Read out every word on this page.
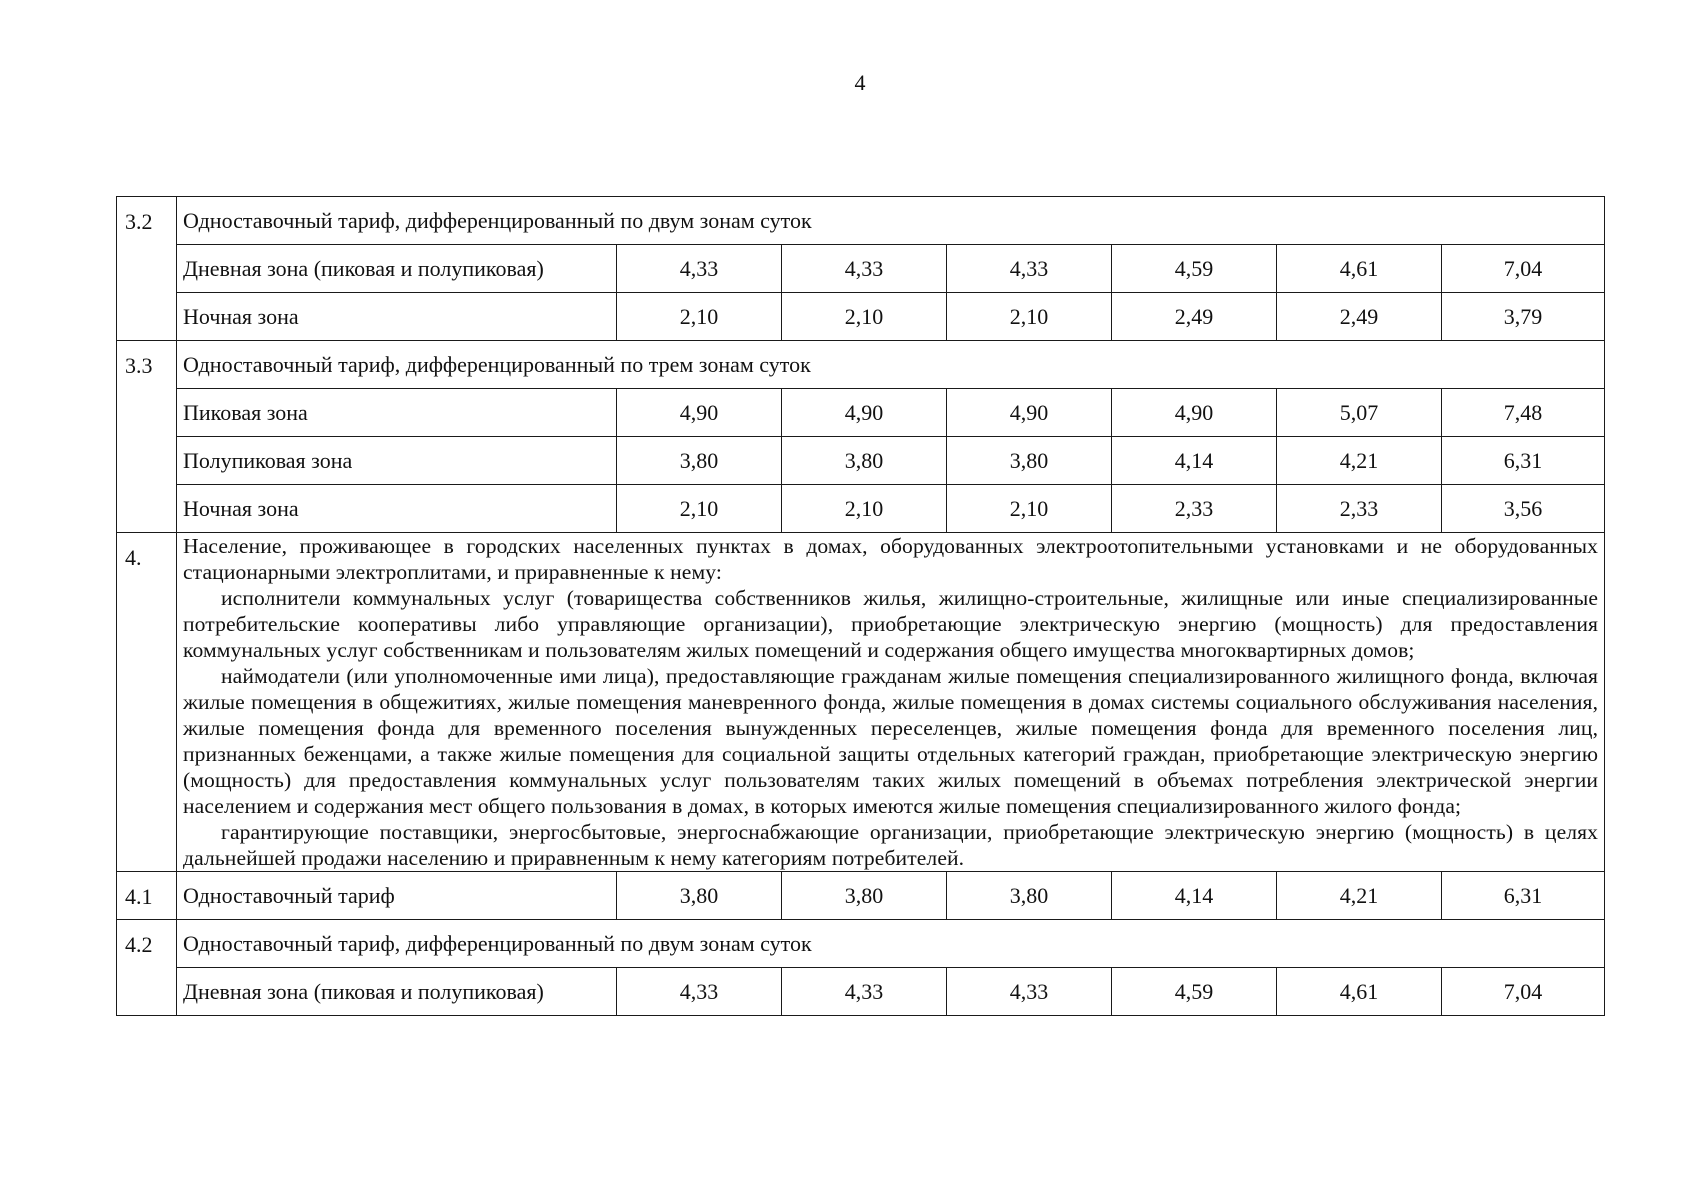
4
3.2	Одноставочный тариф, дифференцированный по двум зонам суток						
	Дневная зона (пиковая и полупиковая)	4,33	4,33	4,33	4,59	4,61	7,04
	Ночная зона	2,10	2,10	2,10	2,49	2,49	3,79
3.3	Одноставочный тариф, дифференцированный по трем зонам суток						
	Пиковая зона	4,90	4,90	4,90	4,90	5,07	7,48
	Полупиковая зона	3,80	3,80	3,80	4,14	4,21	6,31
	Ночная зона	2,10	2,10	2,10	2,33	2,33	3,56
4.	Население, проживающее в городских населенных пунктах в домах, оборудованных электроотопительными установками и не оборудованных стационарными электроплитами, и приравненные к нему:

исполнители коммунальных услуг (товарищества собственников жилья, жилищно-строительные, жилищные или иные специализированные потребительские кооперативы либо управляющие организации), приобретающие электрическую энергию (мощность) для предоставления коммунальных услуг собственникам и пользователям жилых помещений и содержания общего имущества многоквартирных домов;

наймодатели (или уполномоченные ими лица), предоставляющие гражданам жилые помещения специализированного жилищного фонда, включая жилые помещения в общежитиях, жилые помещения маневренного фонда, жилые помещения в домах системы социального обслуживания населения, жилые помещения фонда для временного поселения вынужденных переселенцев, жилые помещения фонда для временного поселения лиц, признанных беженцами, а также жилые помещения для социальной защиты отдельных категорий граждан, приобретающие электрическую энергию (мощность) для предоставления коммунальных услуг пользователям таких жилых помещений в объемах потребления электрической энергии населением и содержания мест общего пользования в домах, в которых имеются жилые помещения специализированного жилого фонда;

гарантирующие поставщики, энергосбытовые, энергоснабжающие организации, приобретающие электрическую энергию (мощность) в целях дальнейшей продажи населению и приравненным к нему категориям потребителей.						

4.1	Одноставочный тариф	3,80	3,80	3,80	4,14	4,21	6,31
4.2	Одноставочный тариф, дифференцированный по двум зонам суток						
	Дневная зона (пиковая и полупиковая)	4,33	4,33	4,33	4,59	4,61	7,04
